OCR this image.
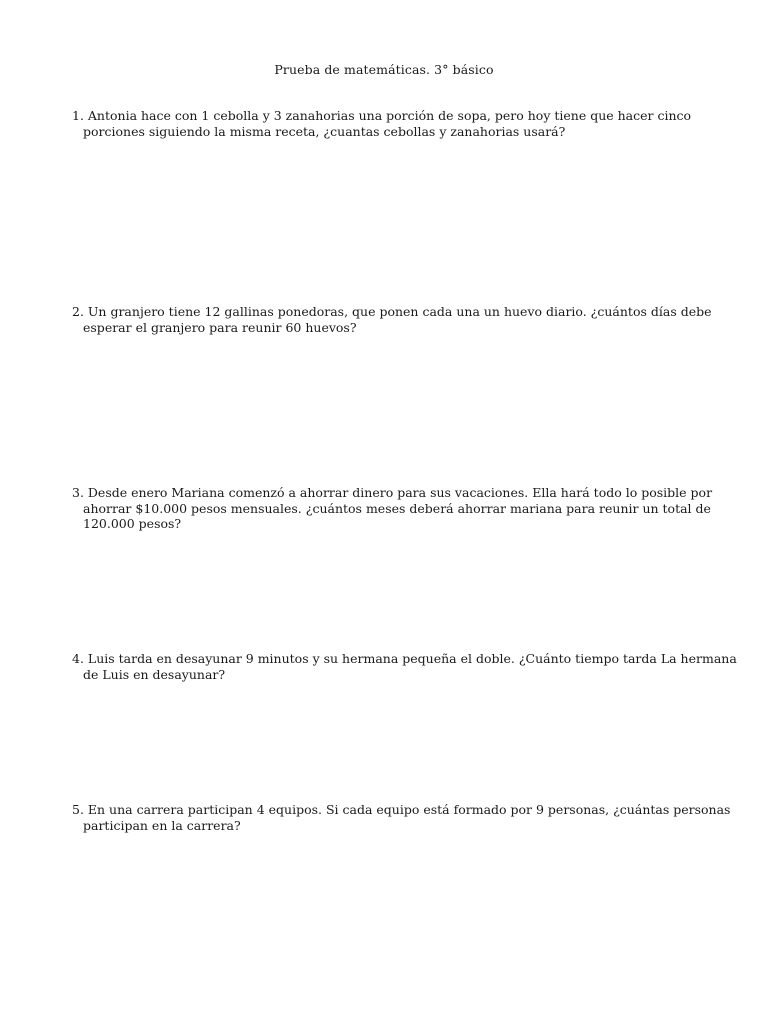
Prueba de matemáticas. 3° básico
1. Antonia hace con 1 cebolla y 3 zanahorias una porción de sopa, pero hoy tiene que hacer cinco
porciones siguiendo la misma receta, ¿cuantas cebollas y zanahorias usará?
2. Un granjero tiene 12 gallinas ponedoras, que ponen cada una un huevo diario. ¿cuántos días debe
esperar el granjero para reunir 60 huevos?
3. Desde enero Mariana comenzó a ahorrar dinero para sus vacaciones. Ella hará todo lo posible por
ahorrar $10.000 pesos mensuales. ¿cuántos meses deberá ahorrar mariana para reunir un total de
120.000 pesos?
4. Luis tarda en desayunar 9 minutos y su hermana pequeña el doble. ¿Cuánto tiempo tarda La hermana
de Luis en desayunar?
5. En una carrera participan 4 equipos. Si cada equipo está formado por 9 personas, ¿cuántas personas
participan en la carrera?
